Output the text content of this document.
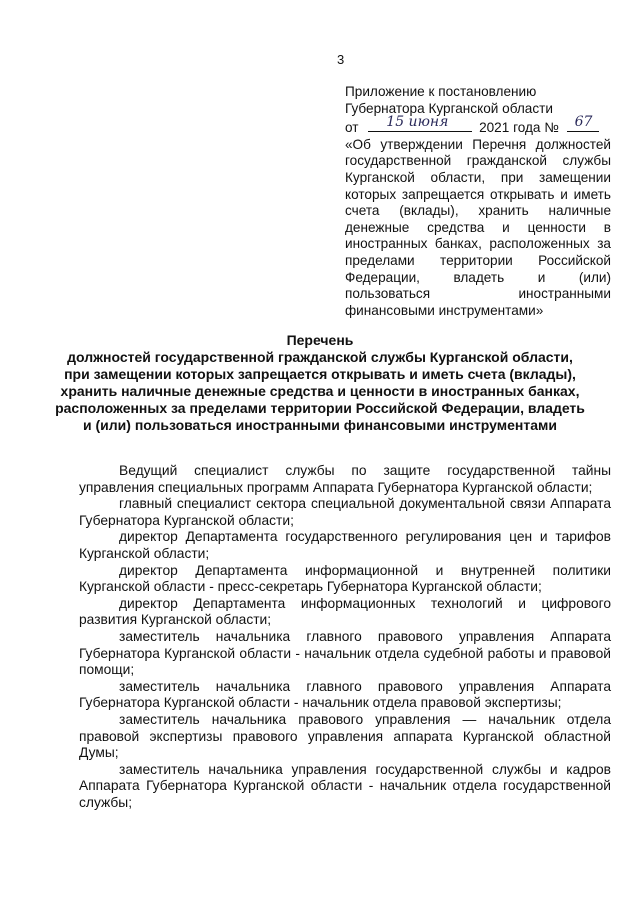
3
Приложение к постановлению
Губернатора Курганской области
от 15 июня 2021 года № 67
«Об утверждении Перечня должностей
государственной гражданской службы
Курганской области, при замещении
которых запрещается открывать и иметь
счета (вклады), хранить наличные
денежные средства и ценности в
иностранных банках, расположенных за
пределами территории Российской
Федерации, владеть и (или)
пользоваться иностранными
финансовыми инструментами»
Перечень
должностей государственной гражданской службы Курганской области,
при замещении которых запрещается открывать и иметь счета (вклады),
хранить наличные денежные средства и ценности в иностранных банках,
расположенных за пределами территории Российской Федерации, владеть
и (или) пользоваться иностранными финансовыми инструментами

Ведущий специалист службы по защите государственной тайны управления специальных программ Аппарата Губернатора Курганской области;

главный специалист сектора специальной документальной связи Аппарата Губернатора Курганской области;

директор Департамента государственного регулирования цен и тарифов Курганской области;

директор Департамента информационной и внутренней политики Курганской области - пресс-секретарь Губернатора Курганской области;

директор Департамента информационных технологий и цифрового развития Курганской области;

заместитель начальника главного правового управления Аппарата Губернатора Курганской области - начальник отдела судебной работы и правовой помощи;

заместитель начальника главного правового управления Аппарата Губернатора Курганской области - начальник отдела правовой экспертизы;

заместитель начальника правового управления — начальник отдела правовой экспертизы правового управления аппарата Курганской областной Думы;

заместитель начальника управления государственной службы и кадров Аппарата Губернатора Курганской области - начальник отдела государственной службы;
